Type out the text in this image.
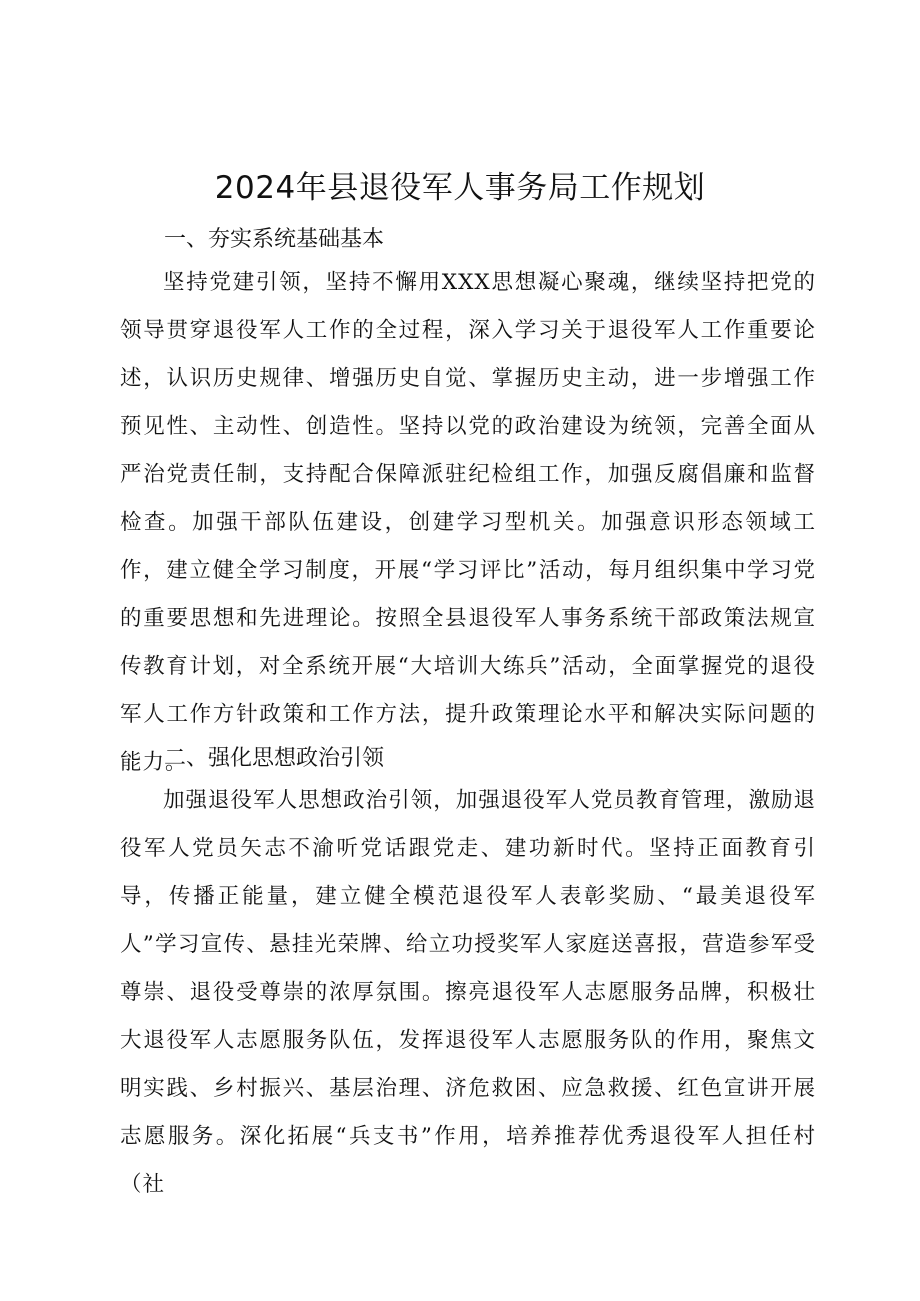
2024年县退役军人事务局工作规划
一、夯实系统基础基本

坚持党建引领，坚持不懈用XXX思想凝心聚魂，继续坚持把党的领导贯穿退役军人工作的全过程，深入学习关于退役军人工作重要论述，认识历史规律、增强历史自觉、掌握历史主动，进一步增强工作预见性、主动性、创造性。坚持以党的政治建设为统领，完善全面从严治党责任制，支持配合保障派驻纪检组工作，加强反腐倡廉和监督检查。加强干部队伍建设，创建学习型机关。加强意识形态领域工作，建立健全学习制度，开展“学习评比”活动，每月组织集中学习党的重要思想和先进理论。按照全县退役军人事务系统干部政策法规宣传教育计划，对全系统开展“大培训大练兵”活动，全面掌握党的退役军人工作方针政策和工作方法，提升政策理论水平和解决实际问题的能力。

二、强化思想政治引领

加强退役军人思想政治引领，加强退役军人党员教育管理，激励退役军人党员矢志不渝听党话跟党走、建功新时代。坚持正面教育引导，传播正能量，建立健全模范退役军人表彰奖励、“最美退役军人”学习宣传、悬挂光荣牌、给立功授奖军人家庭送喜报，营造参军受尊崇、退役受尊崇的浓厚氛围。擦亮退役军人志愿服务品牌，积极壮大退役军人志愿服务队伍，发挥退役军人志愿服务队的作用，聚焦文明实践、乡村振兴、基层治理、济危救困、应急救援、红色宣讲开展志愿服务。深化拓展“兵支书”作用，培养推荐优秀退役军人担任村（社
